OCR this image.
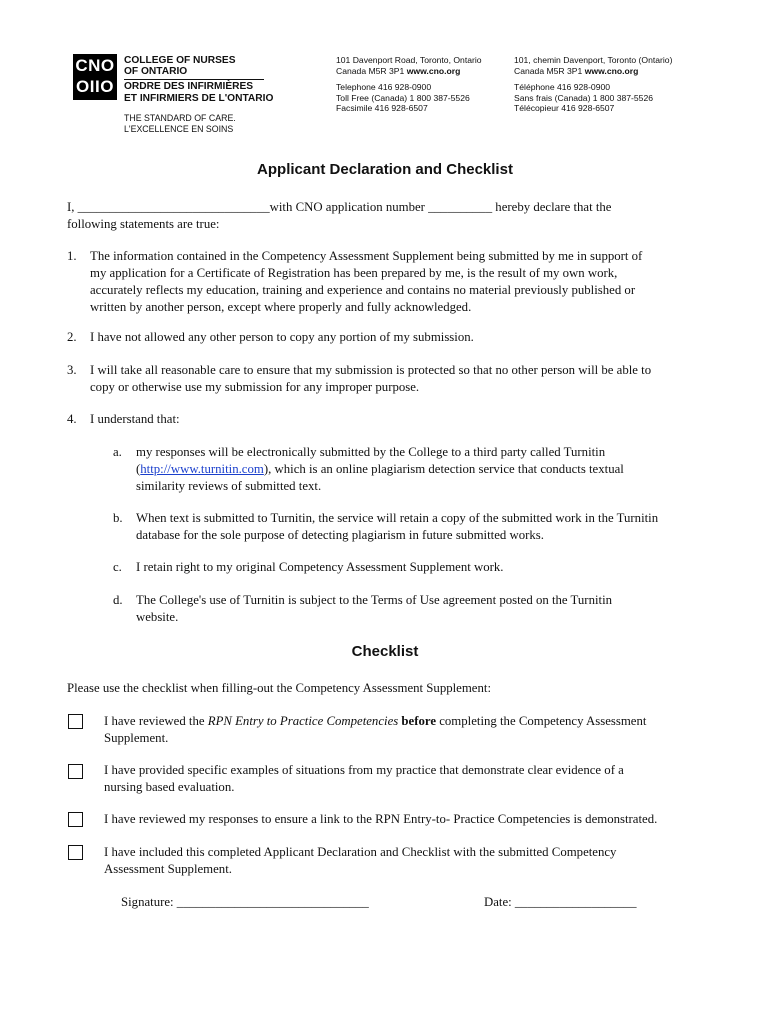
CNO
OIIO
COLLEGE OF NURSES
OF ONTARIO
ORDRE DES INFIRMIÈRES
ET INFIRMIERS DE L'ONTARIO
THE STANDARD OF CARE.
L'EXCELLENCE EN SOINS
101 Davenport Road, Toronto, Ontario
Canada M5R 3P1 www.cno.org
Telephone 416 928-0900
Toll Free (Canada) 1 800 387-5526
Facsimile 416 928-6507
101, chemin Davenport, Toronto (Ontario)
Canada M5R 3P1 www.cno.org
Téléphone 416 928-0900
Sans frais (Canada) 1 800 387-5526
Télécopieur 416 928-6507
Applicant Declaration and Checklist
I, ______________________________with CNO application number __________ hereby declare that the
following statements are true:
1. The information contained in the Competency Assessment Supplement being submitted by me in support of
my application for a Certificate of Registration has been prepared by me, is the result of my own work,
accurately reflects my education, training and experience and contains no material previously published or
written by another person, except where properly and fully acknowledged.
2. I have not allowed any other person to copy any portion of my submission.
3. I will take all reasonable care to ensure that my submission is protected so that no other person will be able to
copy or otherwise use my submission for any improper purpose.
4. I understand that:
a. my responses will be electronically submitted by the College to a third party called Turnitin
(http://www.turnitin.com), which is an online plagiarism detection service that conducts textual
similarity reviews of submitted text.
b. When text is submitted to Turnitin, the service will retain a copy of the submitted work in the Turnitin
database for the sole purpose of detecting plagiarism in future submitted works.
c. I retain right to my original Competency Assessment Supplement work.
d. The College's use of Turnitin is subject to the Terms of Use agreement posted on the Turnitin
website.
Checklist
Please use the checklist when filling-out the Competency Assessment Supplement:
I have reviewed the RPN Entry to Practice Competencies before completing the Competency Assessment
Supplement.
I have provided specific examples of situations from my practice that demonstrate clear evidence of a
nursing based evaluation.
I have reviewed my responses to ensure a link to the RPN Entry-to- Practice Competencies is demonstrated.
I have included this completed Applicant Declaration and Checklist with the submitted Competency
Assessment Supplement.
Signature: ______________________________	Date: ___________________
